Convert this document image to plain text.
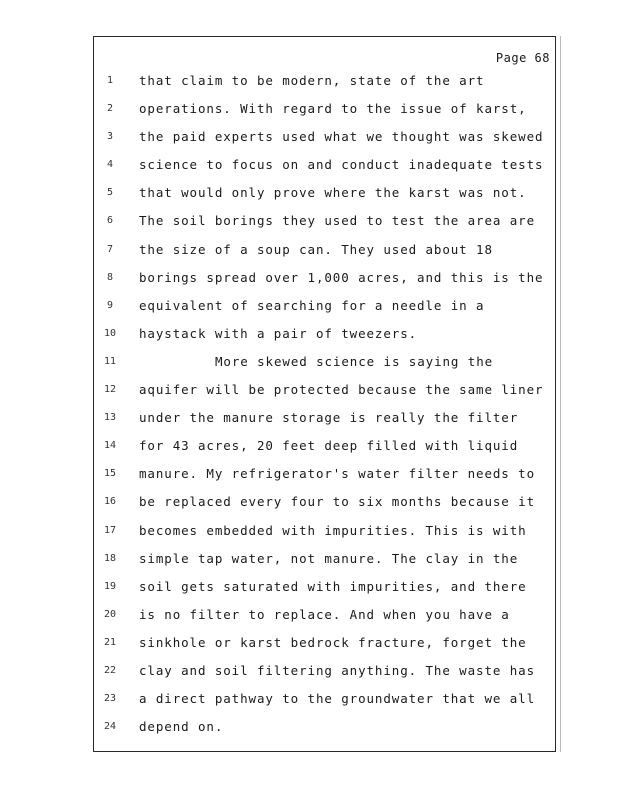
Page 68
1	that claim to be modern, state of the art
2	operations. With regard to the issue of karst,
3	the paid experts used what we thought was skewed
4	science to focus on and conduct inadequate tests
5	that would only prove where the karst was not.
6	The soil borings they used to test the area are
7	the size of a soup can. They used about 18
8	borings spread over 1,000 acres, and this is the
9	equivalent of searching for a needle in a
10	haystack with a pair of tweezers.
11	More skewed science is saying the
12	aquifer will be protected because the same liner
13	under the manure storage is really the filter
14	for 43 acres, 20 feet deep filled with liquid
15	manure. My refrigerator's water filter needs to
16	be replaced every four to six months because it
17	becomes embedded with impurities. This is with
18	simple tap water, not manure. The clay in the
19	soil gets saturated with impurities, and there
20	is no filter to replace. And when you have a
21	sinkhole or karst bedrock fracture, forget the
22	clay and soil filtering anything. The waste has
23	a direct pathway to the groundwater that we all
24	depend on.
